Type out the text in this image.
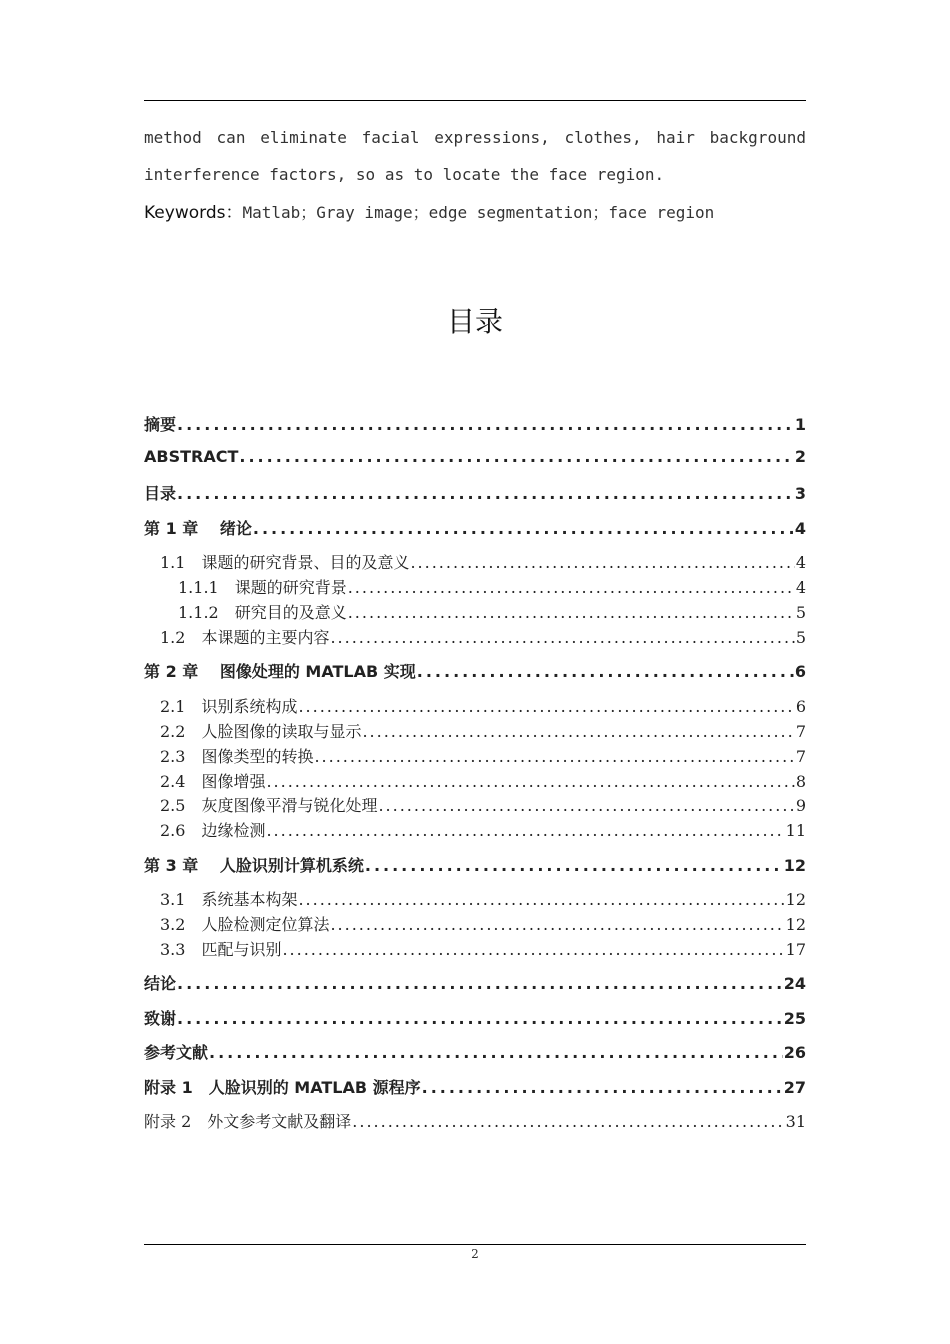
method can eliminate facial expressions, clothes, hair background
interference factors, so as to locate the face region.
Keywords：Matlab；Gray image；edge segmentation；face region
目录
摘要 .....	1
ABSTRACT .....	2
目录 .....	3
第 1 章　 绪论 .....	4
1.1　课题的研究背景、目的及意义 .....	4
1.1.1　课题的研究背景 .....	4
1.1.2　研究目的及意义 .....	5
1.2　本课题的主要内容 .....	5
第 2 章　 图像处理的 MATLAB 实现 .....	6
2.1　识别系统构成 .....	6
2.2　人脸图像的读取与显示 .....	7
2.3　图像类型的转换 .....	7
2.4　图像增强 .....	8
2.5　灰度图像平滑与锐化处理 .....	9
2.6　边缘检测 .....	11
第 3 章　 人脸识别计算机系统 .....	12
3.1　系统基本构架 .....	12
3.2　人脸检测定位算法 .....	12
3.3　匹配与识别 .....	17
结论 .....	24
致谢 .....	25
参考文献 .....	26
附录 1　人脸识别的 MATLAB 源程序 .....	27
附录 2　外文参考文献及翻译 .....	31
2
